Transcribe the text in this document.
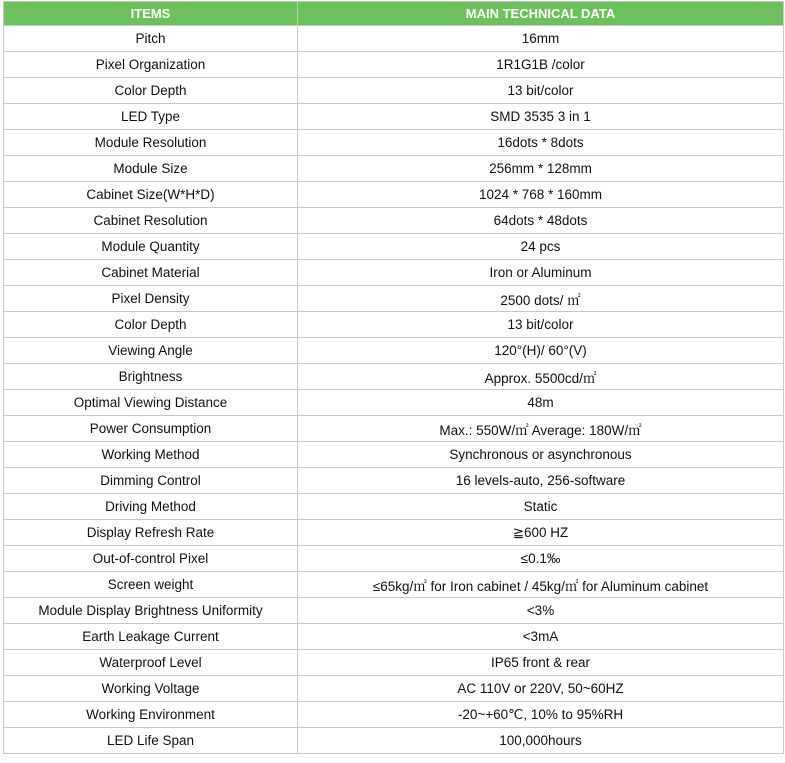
ITEMS	MAIN TECHNICAL DATA
Pitch	16mm
Pixel Organization	1R1G1B /color
Color Depth	13 bit/color
LED Type	SMD 3535 3 in 1
Module Resolution	16dots * 8dots
Module Size	256mm * 128mm
Cabinet Size(W*H*D)	1024 * 768 * 160mm
Cabinet Resolution	64dots * 48dots
Module Quantity	24 pcs
Cabinet Material	Iron or Aluminum
Pixel Density	2500 dots/ ㎡
Color Depth	13 bit/color
Viewing Angle	120°(H)/ 60°(V)
Brightness	Approx. 5500cd/㎡
Optimal Viewing Distance	48m
Power Consumption	Max.: 550W/㎡ Average: 180W/㎡
Working Method	Synchronous or asynchronous
Dimming Control	16 levels-auto, 256-software
Driving Method	Static
Display Refresh Rate	≧600 HZ
Out-of-control Pixel	≤0.1‰
Screen weight	≤65kg/㎡ for Iron cabinet / 45kg/㎡ for Aluminum cabinet
Module Display Brightness Uniformity	<3%
Earth Leakage Current	<3mA
Waterproof Level	IP65 front & rear
Working Voltage	AC 110V or 220V, 50~60HZ
Working Environment	-20~+60℃, 10% to 95%RH
LED Life Span	100,000hours
